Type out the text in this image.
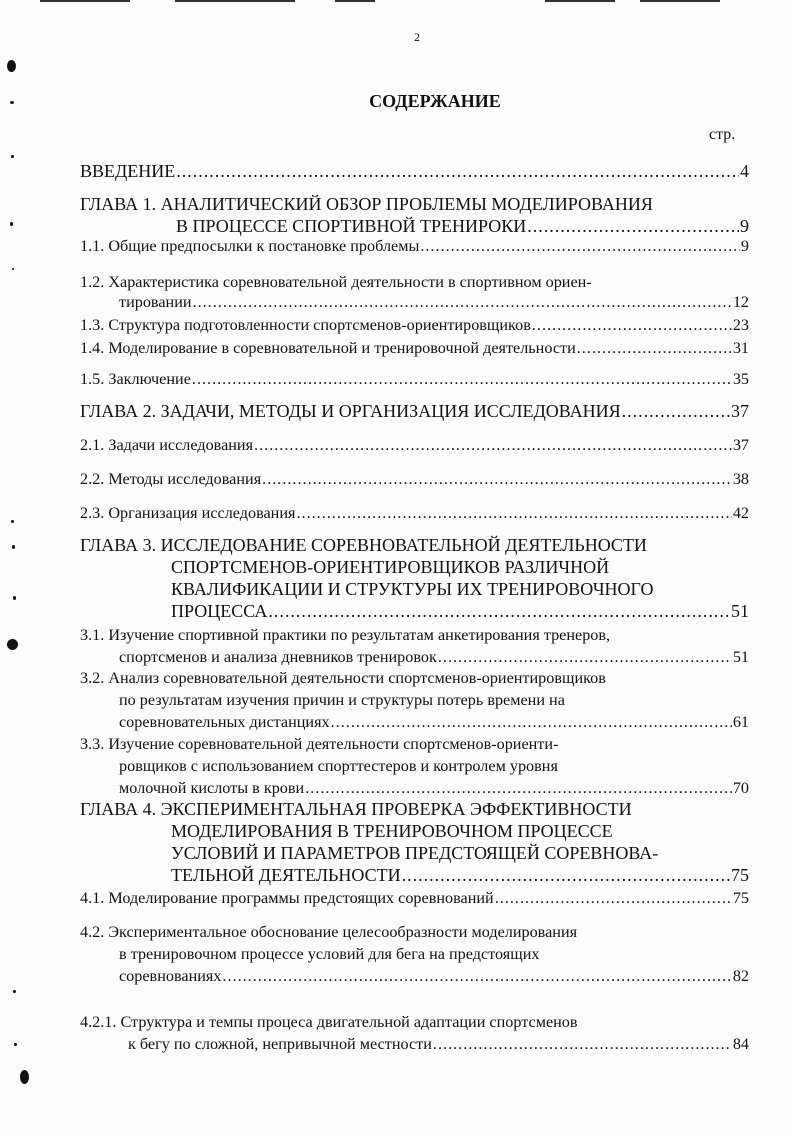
2
СОДЕРЖАНИЕ
стр.
ВВЕДЕНИЕ .....	4
ГЛАВА 1. АНАЛИТИЧЕСКИЙ ОБЗОР ПРОБЛЕМЫ МОДЕЛИРОВАНИЯ
В ПРОЦЕССЕ СПОРТИВНОЙ ТРЕНИРОКИ .....	9
1.1. Общие предпосылки к постановке проблемы .....	9
1.2. Характеристика соревновательной деятельности в спортивном ориен-
тировании .....	12
1.3. Структура подготовленности спортсменов-ориентировщиков .....	23
1.4. Моделирование в соревновательной и тренировочной деятельности .....	31
1.5. Заключение .....	35
ГЛАВА 2. ЗАДАЧИ, МЕТОДЫ И ОРГАНИЗАЦИЯ ИССЛЕДОВАНИЯ .....	37
2.1. Задачи исследования .....	37
2.2. Методы исследования .....	38
2.3. Организация исследования .....	42
ГЛАВА 3. ИССЛЕДОВАНИЕ СОРЕВНОВАТЕЛЬНОЙ ДЕЯТЕЛЬНОСТИ
СПОРТСМЕНОВ-ОРИЕНТИРОВЩИКОВ РАЗЛИЧНОЙ
КВАЛИФИКАЦИИ И СТРУКТУРЫ ИХ ТРЕНИРОВОЧНОГО
ПРОЦЕССА .....	51
3.1. Изучение спортивной практики по результатам анкетирования тренеров,
спортсменов и анализа дневников тренировок .....	51
3.2. Анализ соревновательной деятельности спортсменов-ориентировщиков
по результатам изучения причин и структуры потерь времени на
соревновательных дистанциях .....	61
3.3. Изучение соревновательной деятельности спортсменов-ориенти-
ровщиков с использованием спорттестеров и контролем уровня
молочной кислоты в крови .....	70
ГЛАВА 4. ЭКСПЕРИМЕНТАЛЬНАЯ ПРОВЕРКА ЭФФЕКТИВНОСТИ
МОДЕЛИРОВАНИЯ В ТРЕНИРОВОЧНОМ ПРОЦЕССЕ
УСЛОВИЙ И ПАРАМЕТРОВ ПРЕДСТОЯЩЕЙ СОРЕВНОВА-
ТЕЛЬНОЙ ДЕЯТЕЛЬНОСТИ .....	75
4.1. Моделирование программы предстоящих соревнований .....	75
4.2. Экспериментальное обоснование целесообразности моделирования
в тренировочном процессе условий для бега на предстоящих
соревнованиях .....	82
4.2.1. Структура и темпы процеса двигательной адаптации спортсменов
к бегу по сложной, непривычной местности .....	84
